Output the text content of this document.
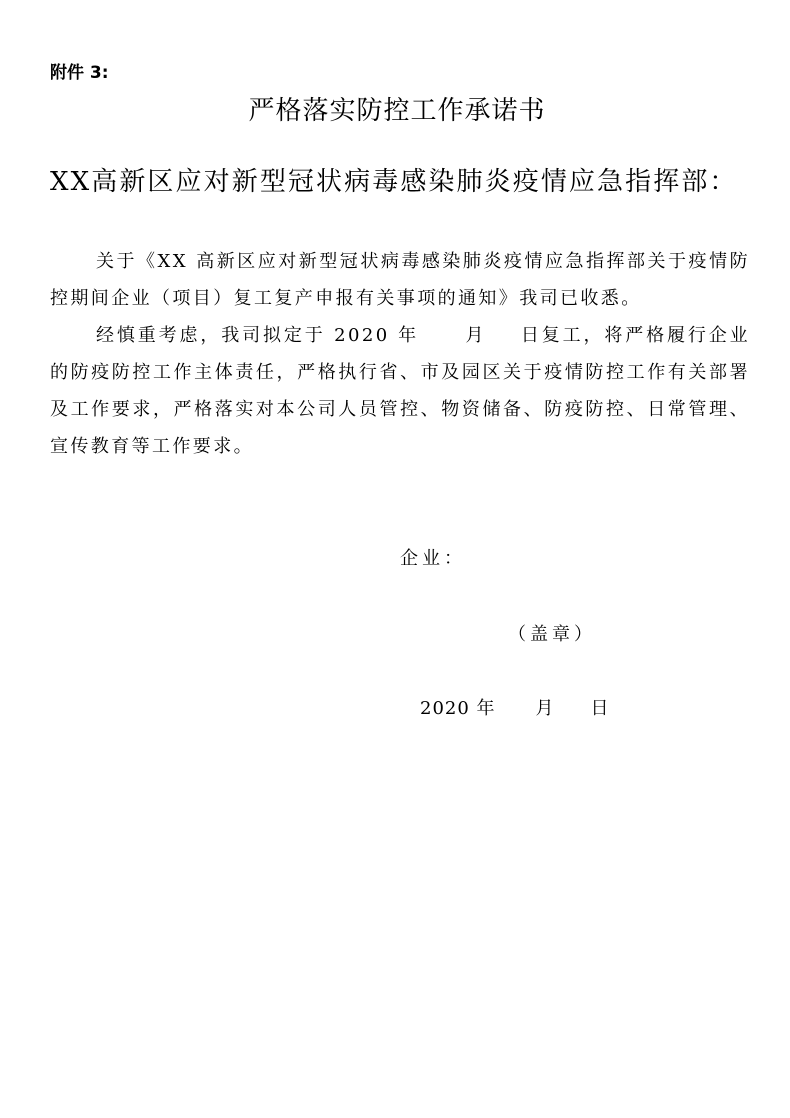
附件 3:
严格落实防控工作承诺书
XX高新区应对新型冠状病毒感染肺炎疫情应急指挥部：

关于《XX 高新区应对新型冠状病毒感染肺炎疫情应急指挥部关于疫情防控期间企业（项目）复工复产申报有关事项的通知》我司已收悉。

经慎重考虑，我司拟定于 2020 年	月 日复工，将严格履行企业的防疫防控工作主体责任，严格执行省、市及园区关于疫情防控工作有关部署及工作要求，严格落实对本公司人员管控、物资储备、防疫防控、日常管理、宣传教育等工作要求。

企业：
（盖章）
2020 年 月 日
